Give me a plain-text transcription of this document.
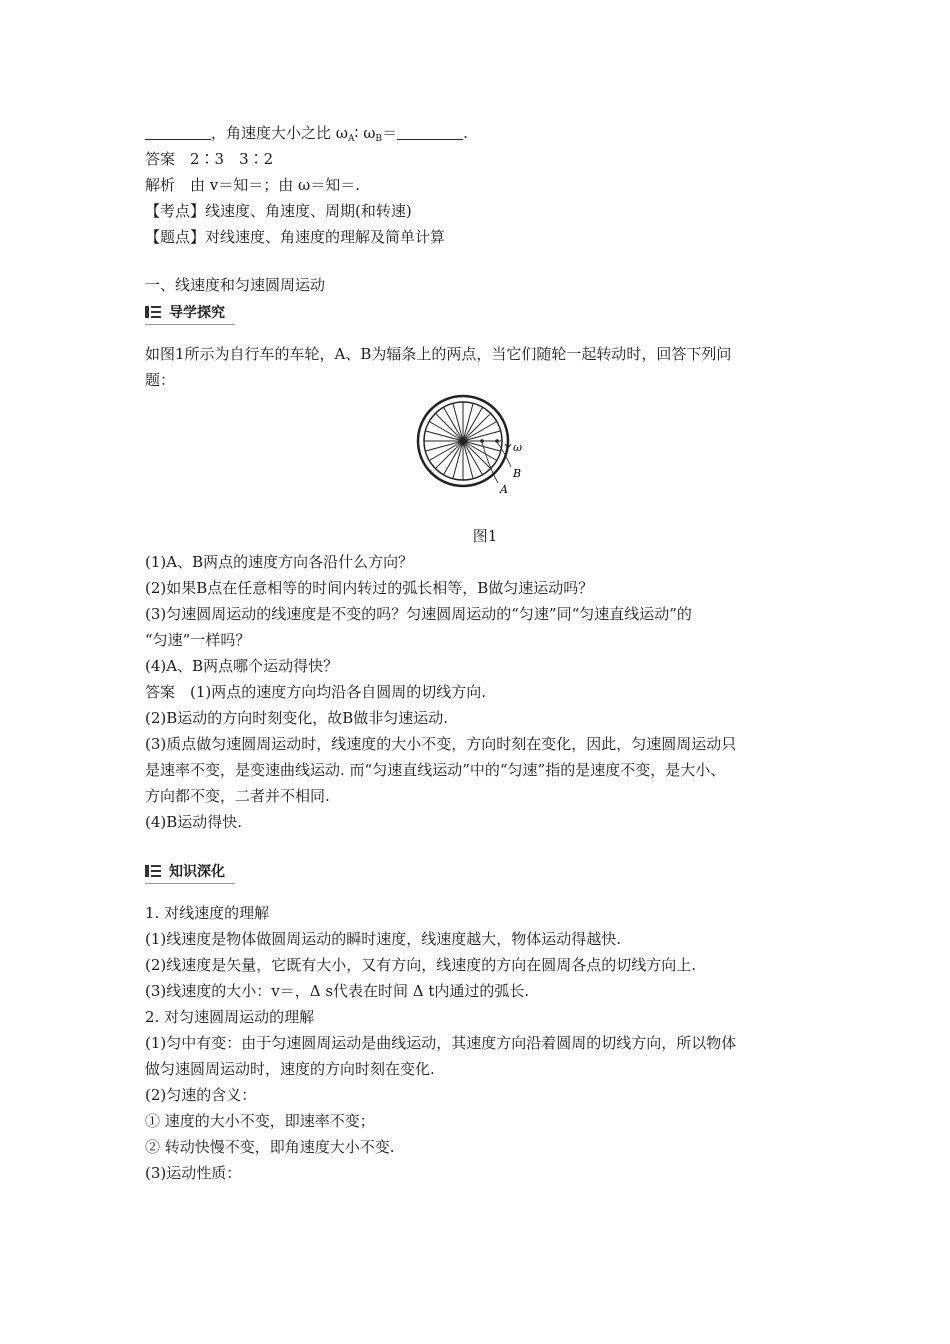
，角速度大小之比 $\omega_A∶$ $\omega_B=$	.
答案　2∶3　3∶2
解析　由 v＝知＝；由 ω＝知＝.
【考点】线速度、角速度、周期(和转速)
【题点】对线速度、角速度的理解及简单计算
一、线速度和匀速圆周运动
导学探究
如图1所示为自行车的车轮，A、B为辐条上的两点，当它们随轮一起转动时，回答下列问
题：
A
B
ω
图1
(1)A、B两点的速度方向各沿什么方向？
(2)如果B点在任意相等的时间内转过的弧长相等，B做匀速运动吗？
(3)匀速圆周运动的线速度是不变的吗？匀速圆周运动的“匀速”同“匀速直线运动”的
“匀速”一样吗？
(4)A、B两点哪个运动得快？
答案　(1)两点的速度方向均沿各自圆周的切线方向.
(2)B运动的方向时刻变化，故B做非匀速运动.
(3)质点做匀速圆周运动时，线速度的大小不变，方向时刻在变化，因此，匀速圆周运动只
是速率不变，是变速曲线运动. 而“匀速直线运动”中的“匀速”指的是速度不变，是大小、
方向都不变，二者并不相同.
(4)B运动得快.
知识深化
1. 对线速度的理解
(1)线速度是物体做圆周运动的瞬时速度，线速度越大，物体运动得越快.
(2)线速度是矢量，它既有大小，又有方向，线速度的方向在圆周各点的切线方向上.
(3)线速度的大小：v＝，Δ s代表在时间 Δ t内通过的弧长.
2. 对匀速圆周运动的理解
(1)匀中有变：由于匀速圆周运动是曲线运动，其速度方向沿着圆周的切线方向，所以物体
做匀速圆周运动时，速度的方向时刻在变化.
(2)匀速的含义：
① 速度的大小不变，即速率不变；
② 转动快慢不变，即角速度大小不变.
(3)运动性质：
